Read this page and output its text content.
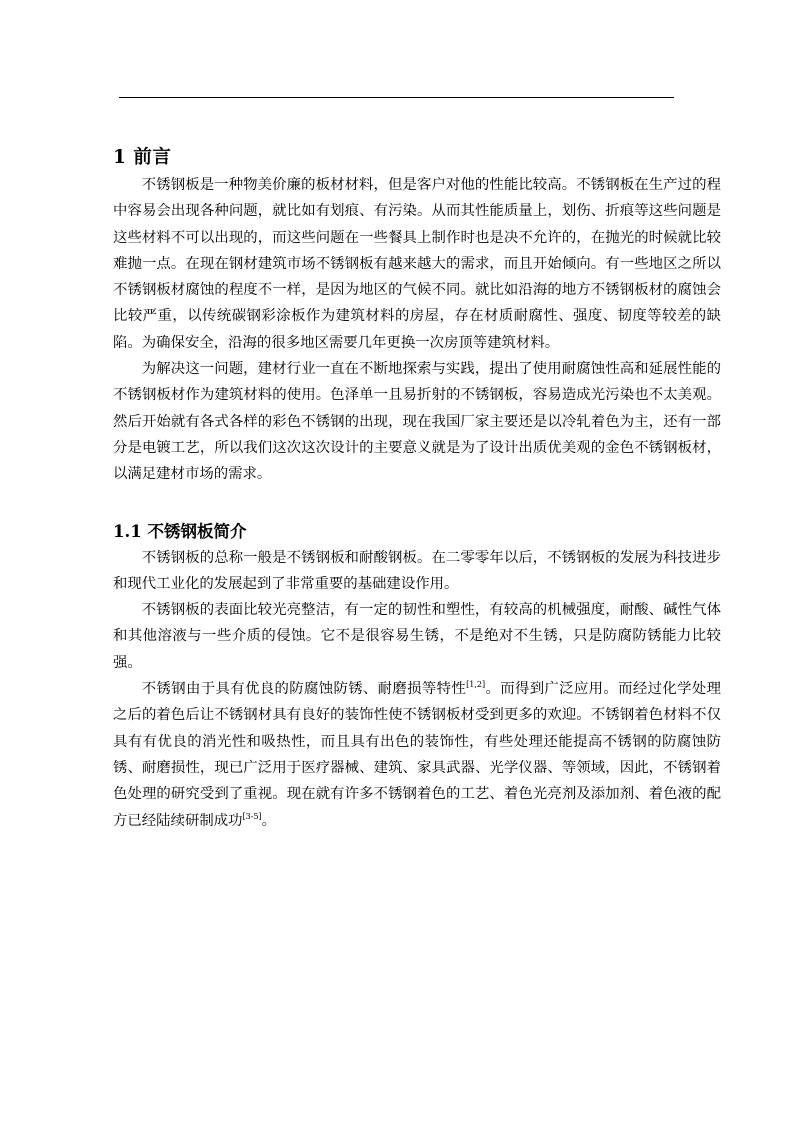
1 前言

不锈钢板是一种物美价廉的板材材料，但是客户对他的性能比较高。不锈钢板在生产过的程中容易会出现各种问题，就比如有划痕、有污染。从而其性能质量上，划伤、折痕等这些问题是这些材料不可以出现的，而这些问题在一些餐具上制作时也是决不允许的，在抛光的时候就比较难抛一点。在现在钢材建筑市场不锈钢板有越来越大的需求，而且开始倾向。有一些地区之所以不锈钢板材腐蚀的程度不一样，是因为地区的气候不同。就比如沿海的地方不锈钢板材的腐蚀会比较严重，以传统碳钢彩涂板作为建筑材料的房屋，存在材质耐腐性、强度、韧度等较差的缺陷。为确保安全，沿海的很多地区需要几年更换一次房顶等建筑材料。

为解决这一问题，建材行业一直在不断地探索与实践，提出了使用耐腐蚀性高和延展性能的不锈钢板材作为建筑材料的使用。色泽单一且易折射的不锈钢板，容易造成光污染也不太美观。然后开始就有各式各样的彩色不锈钢的出现，现在我国厂家主要还是以冷轧着色为主，还有一部分是电镀工艺，所以我们这次这次设计的主要意义就是为了设计出质优美观的金色不锈钢板材，以满足建材市场的需求。

1.1 不锈钢板简介

不锈钢板的总称一般是不锈钢板和耐酸钢板。在二零零年以后，不锈钢板的发展为科技进步和现代工业化的发展起到了非常重要的基础建设作用。

不锈钢板的表面比较光亮整洁，有一定的韧性和塑性，有较高的机械强度，耐酸、碱性气体和其他溶液与一些介质的侵蚀。它不是很容易生锈，不是绝对不生锈，只是防腐防锈能力比较强。

不锈钢由于具有优良的防腐蚀防锈、耐磨损等特性[1,2]。而得到广泛应用。而经过化学处理之后的着色后让不锈钢材具有良好的装饰性使不锈钢板材受到更多的欢迎。不锈钢着色材料不仅具有有优良的消光性和吸热性，而且具有出色的装饰性，有些处理还能提高不锈钢的防腐蚀防锈、耐磨损性，现已广泛用于医疗器械、建筑、家具武器、光学仪器、等领域，因此，不锈钢着色处理的研究受到了重视。现在就有许多不锈钢着色的工艺、着色光亮剂及添加剂、着色液的配方已经陆续研制成功[3-5]。
